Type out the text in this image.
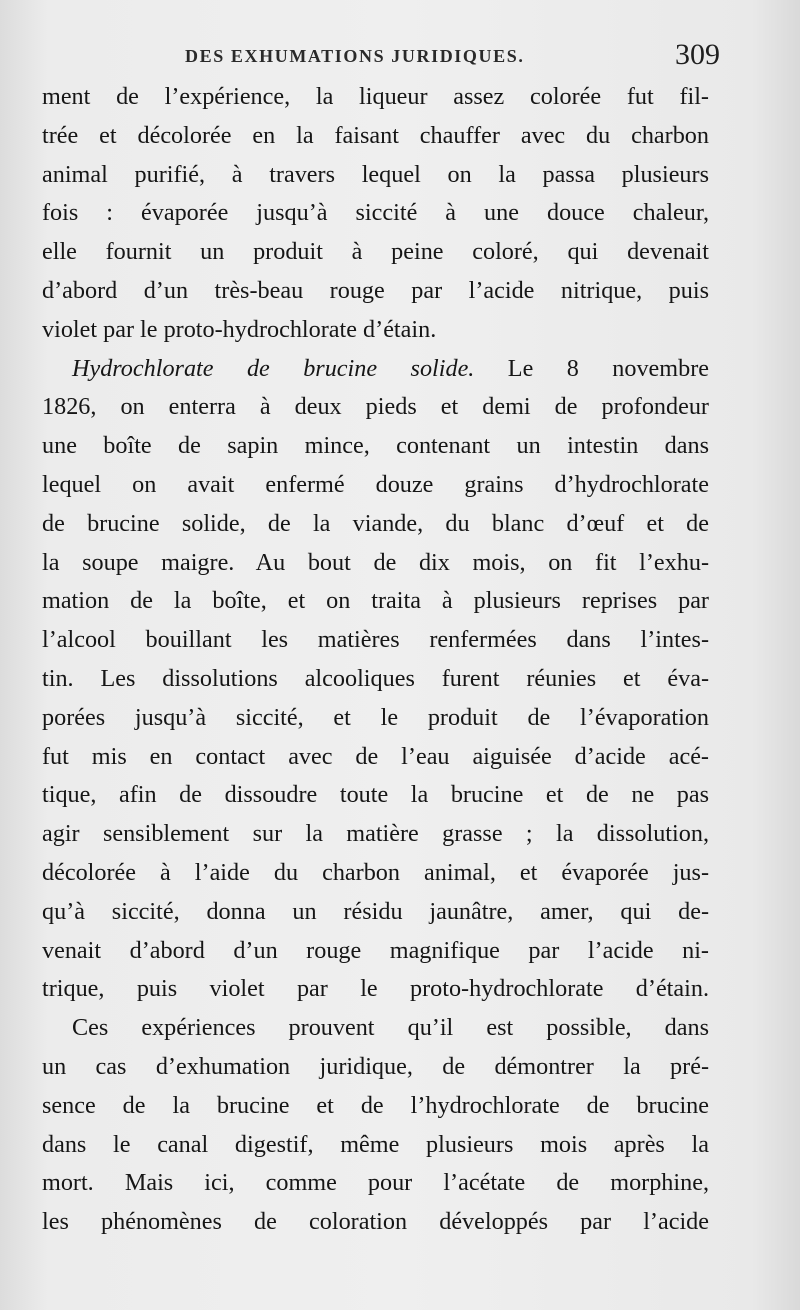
DES EXHUMATIONS JURIDIQUES.	309
ment de l’expérience, la liqueur assez colorée fut fil-
trée et décolorée en la faisant chauffer avec du charbon
animal purifié, à travers lequel on la passa plusieurs
fois : évaporée jusqu’à siccité à une douce chaleur,
elle fournit un produit à peine coloré, qui devenait
d’abord d’un très-beau rouge par l’acide nitrique, puis
violet par le proto-hydrochlorate d’étain.
Hydrochlorate de brucine solide. Le 8 novembre
1826, on enterra à deux pieds et demi de profondeur
une boîte de sapin mince, contenant un intestin dans
lequel on avait enfermé douze grains d’hydrochlorate
de brucine solide, de la viande, du blanc d’œuf et de
la soupe maigre. Au bout de dix mois, on fit l’exhu-
mation de la boîte, et on traita à plusieurs reprises par
l’alcool bouillant les matières renfermées dans l’intes-
tin. Les dissolutions alcooliques furent réunies et éva-
porées jusqu’à siccité, et le produit de l’évaporation
fut mis en contact avec de l’eau aiguisée d’acide acé-
tique, afin de dissoudre toute la brucine et de ne pas
agir sensiblement sur la matière grasse ; la dissolution,
décolorée à l’aide du charbon animal, et évaporée jus-
qu’à siccité, donna un résidu jaunâtre, amer, qui de-
venait d’abord d’un rouge magnifique par l’acide ni-
trique, puis violet par le proto-hydrochlorate d’étain.
Ces expériences prouvent qu’il est possible, dans
un cas d’exhumation juridique, de démontrer la pré-
sence de la brucine et de l’hydrochlorate de brucine
dans le canal digestif, même plusieurs mois après la
mort. Mais ici, comme pour l’acétate de morphine,
les phénomènes de coloration développés par l’acide
